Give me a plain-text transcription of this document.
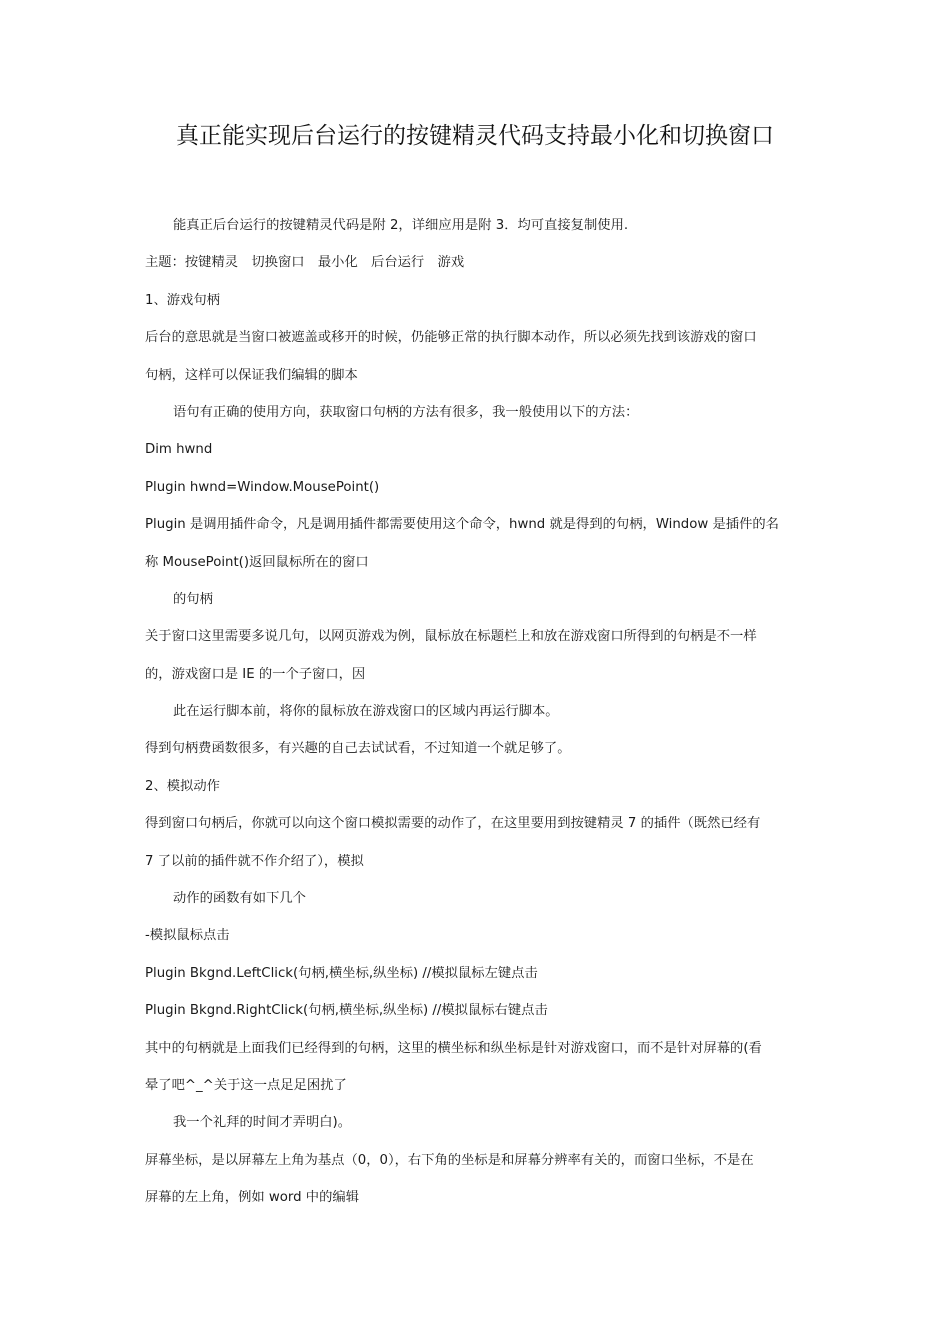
真正能实现后台运行的按键精灵代码支持最小化和切换窗口
能真正后台运行的按键精灵代码是附 2，详细应用是附 3．均可直接复制使用.
主题：按键精灵　切换窗口　最小化　后台运行　游戏
1、游戏句柄
后台的意思就是当窗口被遮盖或移开的时候，仍能够正常的执行脚本动作，所以必须先找到该游戏的窗口
句柄，这样可以保证我们编辑的脚本
语句有正确的使用方向，获取窗口句柄的方法有很多，我一般使用以下的方法：
Dim hwnd
Plugin hwnd=Window.MousePoint()
Plugin 是调用插件命令，凡是调用插件都需要使用这个命令，hwnd 就是得到的句柄，Window 是插件的名
称 MousePoint()返回鼠标所在的窗口
的句柄
关于窗口这里需要多说几句，以网页游戏为例，鼠标放在标题栏上和放在游戏窗口所得到的句柄是不一样
的，游戏窗口是 IE 的一个子窗口，因
此在运行脚本前，将你的鼠标放在游戏窗口的区域内再运行脚本。
得到句柄费函数很多，有兴趣的自己去试试看，不过知道一个就足够了。
2、模拟动作
得到窗口句柄后，你就可以向这个窗口模拟需要的动作了，在这里要用到按键精灵 7 的插件（既然已经有
7 了以前的插件就不作介绍了），模拟
动作的函数有如下几个
-模拟鼠标点击
Plugin Bkgnd.LeftClick(句柄,横坐标,纵坐标) //模拟鼠标左键点击
Plugin Bkgnd.RightClick(句柄,横坐标,纵坐标) //模拟鼠标右键点击
其中的句柄就是上面我们已经得到的句柄，这里的横坐标和纵坐标是针对游戏窗口，而不是针对屏幕的(看
晕了吧^_^关于这一点足足困扰了
我一个礼拜的时间才弄明白)。
屏幕坐标，是以屏幕左上角为基点（0，0），右下角的坐标是和屏幕分辨率有关的，而窗口坐标，不是在
屏幕的左上角，例如 word 中的编辑
